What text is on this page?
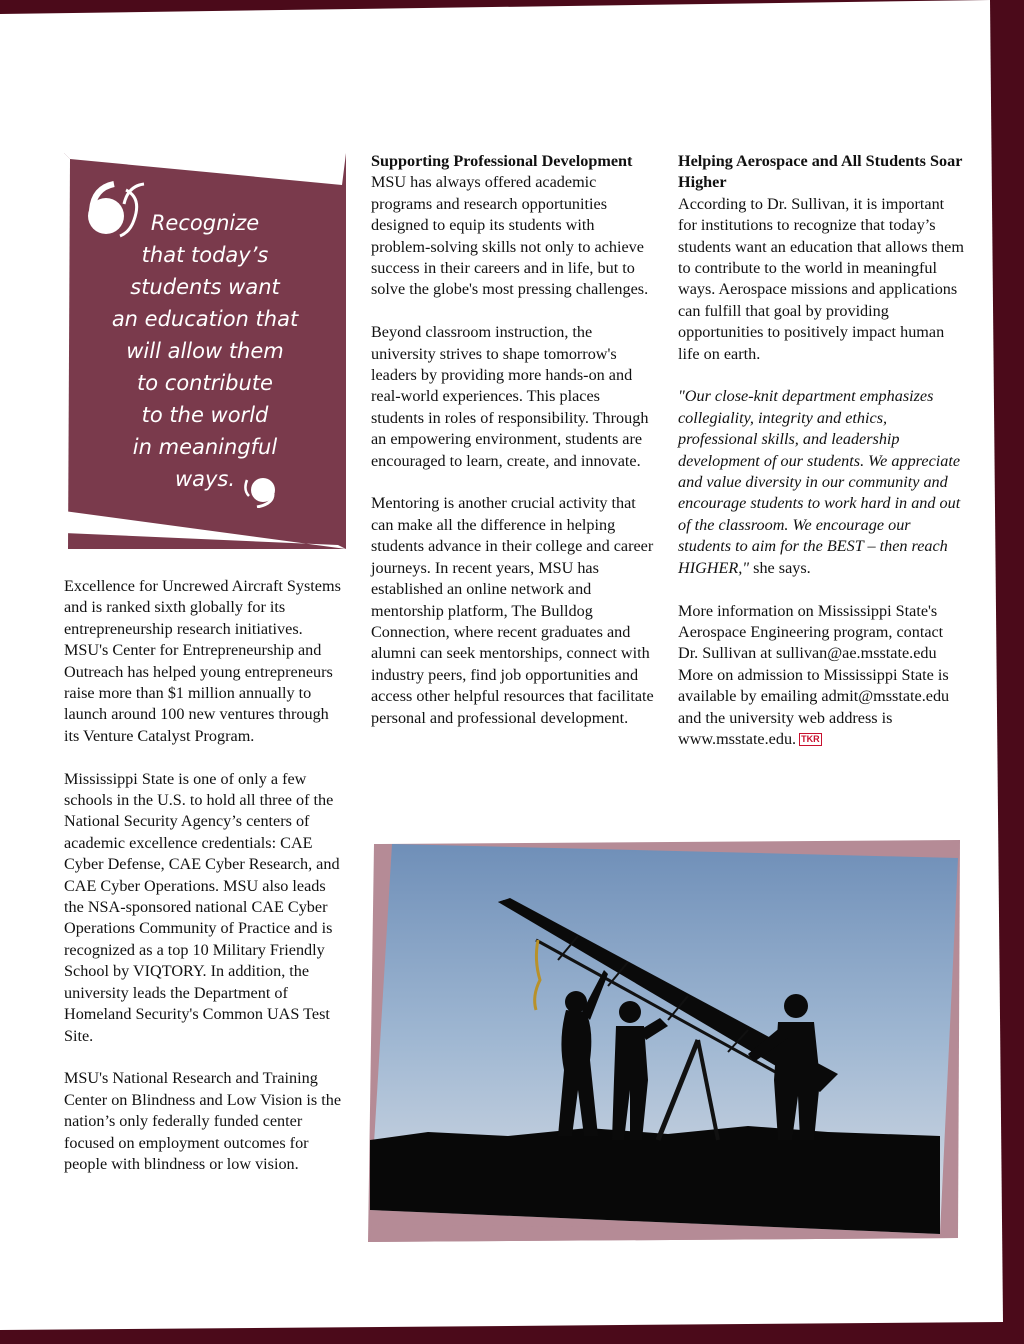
Recognize
that today’s
students want
an education that
will allow them
to contribute
to the world
in meaningful
ways.

Excellence for Uncrewed Aircraft Systems and is ranked sixth globally for its entrepreneurship research initiatives. MSU's Center for Entrepreneurship and Outreach has helped young entrepreneurs raise more than $1 million annually to launch around 100 new ventures through its Venture Catalyst Program.

Mississippi State is one of only a few schools in the U.S. to hold all three of the National Security Agency’s centers of academic excellence credentials: CAE Cyber Defense, CAE Cyber Research, and CAE Cyber Operations. MSU also leads the NSA-sponsored national CAE Cyber Operations Community of Practice and is recognized as a top 10 Military Friendly School by VIQTORY. In addition, the university leads the Department of Homeland Security's Common UAS Test Site.

MSU's National Research and Training Center on Blindness and Low Vision is the nation’s only federally funded center focused on employment outcomes for people with blindness or low vision.

Supporting Professional Development

MSU has always offered academic programs and research opportunities designed to equip its students with problem-solving skills not only to achieve success in their careers and in life, but to solve the globe's most pressing challenges.

Beyond classroom instruction, the university strives to shape tomorrow's leaders by providing more hands-on and real-world experiences. This places students in roles of responsibility. Through an empowering environment, students are encouraged to learn, create, and innovate.

Mentoring is another crucial activity that can make all the difference in helping students advance in their college and career journeys. In recent years, MSU has established an online network and mentorship platform, The Bulldog Connection, where recent graduates and alumni can seek mentorships, connect with industry peers, find job opportunities and access other helpful resources that facilitate personal and professional development.

Helping Aerospace and All Students Soar Higher

According to Dr. Sullivan, it is important for institutions to recognize that today’s students want an education that allows them to contribute to the world in meaningful ways. Aerospace missions and applications can fulfill that goal by providing opportunities to positively impact human life on earth.

"Our close-knit department emphasizes collegiality, integrity and ethics, professional skills, and leadership development of our students. We appreciate and value diversity in our community and encourage students to work hard in and out of the classroom. We encourage our students to aim for the BEST – then reach HIGHER," she says.

More information on Mississippi State's Aerospace Engineering program, contact Dr. Sullivan at sullivan@ae.msstate.edu More on admission to Mississippi State is available by emailing admit@msstate.edu and the university web address is www.msstate.edu. TKR
